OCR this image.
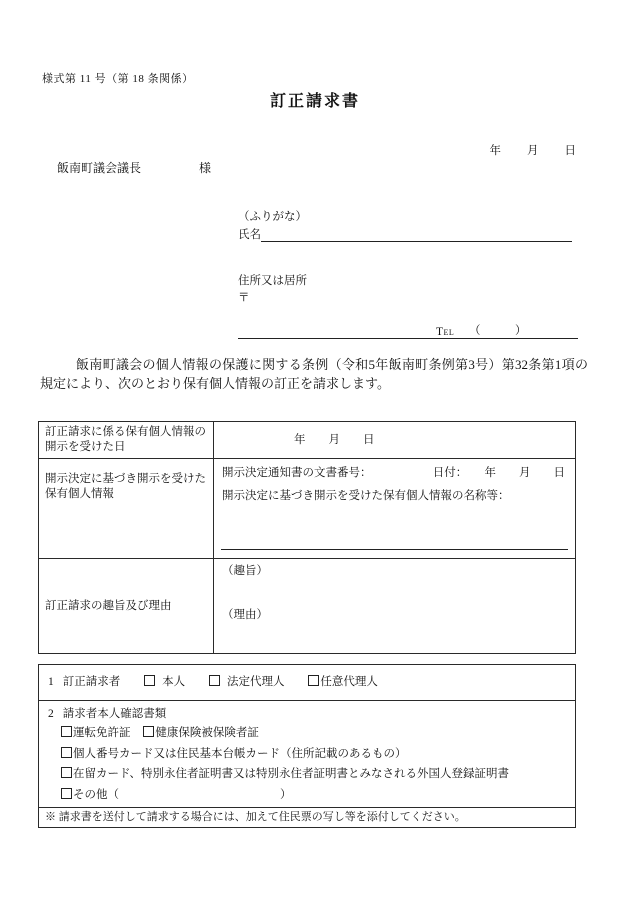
様式第 11 号（第 18 条関係）
訂正請求書
年　　月　　日
飯南町議会議長	様
（ふりがな）
氏名
住所又は居所
〒
Tel （　　　）

飯南町議会の個人情報の保護に関する条例（令和5年飯南町条例第3号）第32条第1項の規定により、次のとおり保有個人情報の訂正を請求します。

訂正請求に係る保有個人情報の開示を受けた日	年　　月　　日
開示決定に基づき開示を受けた保有個人情報	開示決定通知書の文書番号： 日付：　　年　　月　　日
開示決定に基づき開示を受けた保有個人情報の名称等：

訂正請求の趣旨及び理由	（趣旨）
（理由）
1 訂正請求者	本人	法定代理人	任意代理人

2 請求者本人確認書類
運転免許証 健康保険被保険者証
個人番号カード又は住民基本台帳カード（住所記載のあるもの）
在留カード、特別永住者証明書又は特別永住者証明書とみなされる外国人登録証明書
その他（　　　　　　　　　　　　　　）

※ 請求書を送付して請求する場合には、加えて住民票の写し等を添付してください。
